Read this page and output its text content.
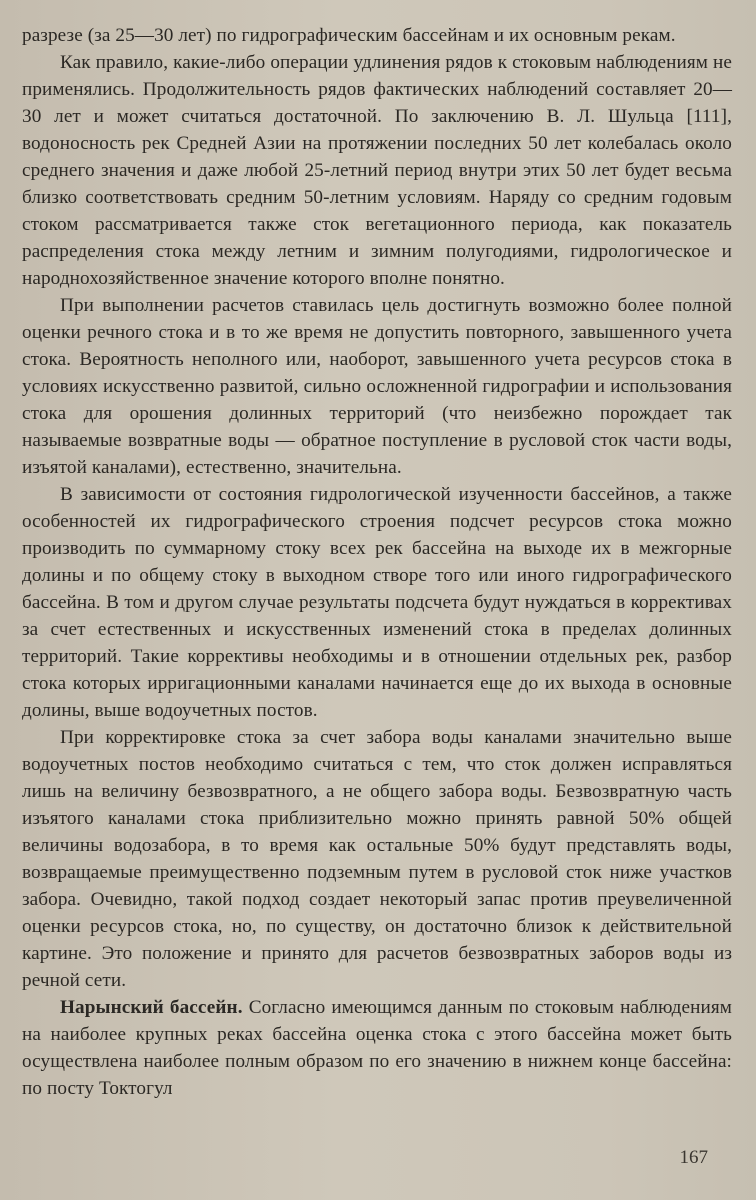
разрезе (за 25—30 лет) по гидрографическим бассейнам и их основным рекам.

Как правило, какие-либо операции удлинения рядов к стоковым наблюдениям не применялись. Продолжительность рядов фактических наблюдений составляет 20—30 лет и может считаться достаточной. По заключению В. Л. Шульца [111], водоносность рек Средней Азии на протяжении последних 50 лет колебалась около среднего значения и даже любой 25-летний период внутри этих 50 лет будет весьма близко соответствовать средним 50-летним условиям. Наряду со средним годовым стоком рассматривается также сток вегетационного периода, как показатель распределения стока между летним и зимним полугодиями, гидрологическое и народнохозяйственное значение которого вполне понятно.

При выполнении расчетов ставилась цель достигнуть возможно более полной оценки речного стока и в то же время не допустить повторного, завышенного учета стока. Вероятность неполного или, наоборот, завышенного учета ресурсов стока в условиях искусственно развитой, сильно осложненной гидрографии и использования стока для орошения долинных территорий (что неизбежно порождает так называемые возвратные воды — обратное поступление в русловой сток части воды, изъятой каналами), естественно, значительна.

В зависимости от состояния гидрологической изученности бассейнов, а также особенностей их гидрографического строения подсчет ресурсов стока можно производить по суммарному стоку всех рек бассейна на выходе их в межгорные долины и по общему стоку в выходном створе того или иного гидрографического бассейна. В том и другом случае результаты подсчета будут нуждаться в коррективах за счет естественных и искусственных изменений стока в пределах долинных территорий. Такие коррективы необходимы и в отношении отдельных рек, разбор стока которых ирригационными каналами начинается еще до их выхода в основные долины, выше водоучетных постов.

При корректировке стока за счет забора воды каналами значительно выше водоучетных постов необходимо считаться с тем, что сток должен исправляться лишь на величину безвозвратного, а не общего забора воды. Безвозвратную часть изъятого каналами стока приблизительно можно принять равной 50% общей величины водозабора, в то время как остальные 50% будут представлять воды, возвращаемые преимущественно подземным путем в русловой сток ниже участков забора. Очевидно, такой подход создает некоторый запас против преувеличенной оценки ресурсов стока, но, по существу, он достаточно близок к действительной картине. Это положение и принято для расчетов безвозвратных заборов воды из речной сети.

Нарынский бассейн. Согласно имеющимся данным по стоковым наблюдениям на наиболее крупных реках бассейна оценка стока с этого бассейна может быть осуществлена наиболее полным образом по его значению в нижнем конце бассейна: по посту Токтогул

167
